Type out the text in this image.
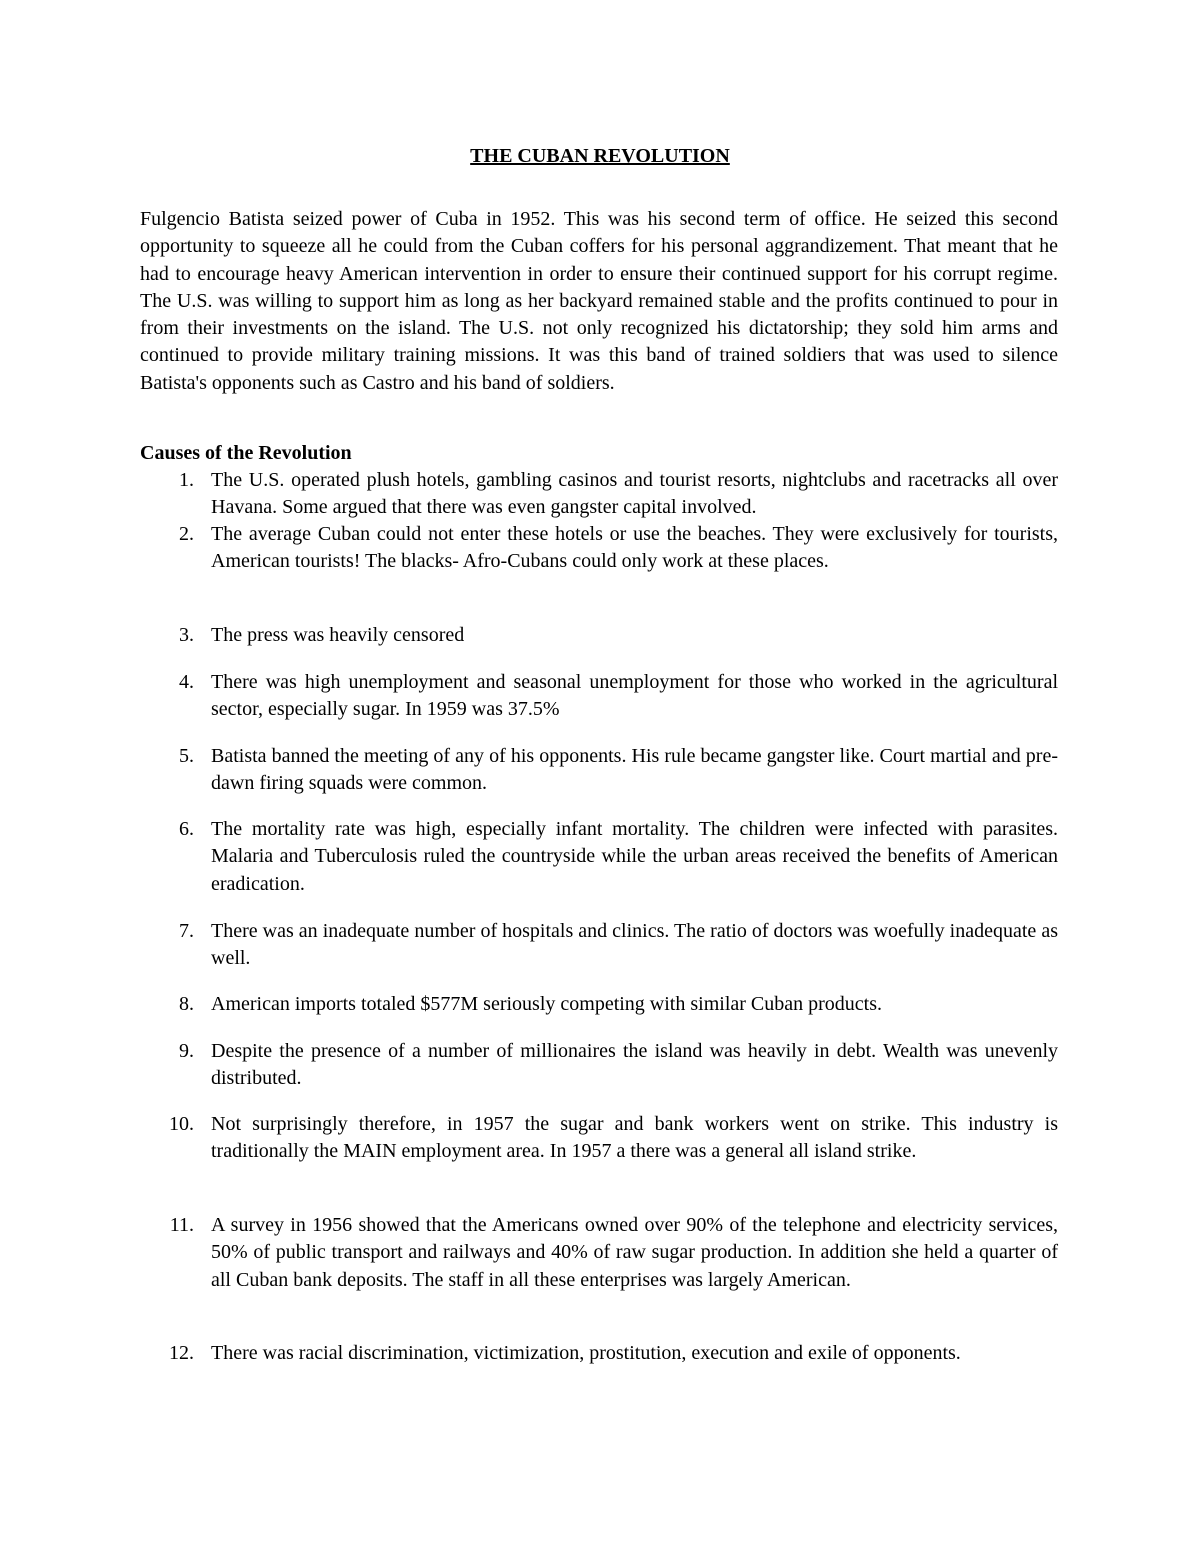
THE CUBAN REVOLUTION

Fulgencio Batista seized power of Cuba in 1952. This was his second term of office. He seized this second opportunity to squeeze all he could from the Cuban coffers for his personal aggrandizement. That meant that he had to encourage heavy American intervention in order to ensure their continued support for his corrupt regime. The U.S. was willing to support him as long as her backyard remained stable and the profits continued to pour in from their investments on the island. The U.S. not only recognized his dictatorship; they sold him arms and continued to provide military training missions. It was this band of trained soldiers that was used to silence Batista's opponents such as Castro and his band of soldiers.

Causes of the Revolution
1. The U.S. operated plush hotels, gambling casinos and tourist resorts, nightclubs and racetracks all over Havana. Some argued that there was even gangster capital involved.
2. The average Cuban could not enter these hotels or use the beaches. They were exclusively for tourists, American tourists! The blacks- Afro-Cubans could only work at these places.
3. The press was heavily censored
4. There was high unemployment and seasonal unemployment for those who worked in the agricultural sector, especially sugar. In 1959 was 37.5%
5. Batista banned the meeting of any of his opponents. His rule became gangster like. Court martial and pre-dawn firing squads were common.
6. The mortality rate was high, especially infant mortality. The children were infected with parasites. Malaria and Tuberculosis ruled the countryside while the urban areas received the benefits of American eradication.
7. There was an inadequate number of hospitals and clinics. The ratio of doctors was woefully inadequate as well.
8. American imports totaled $577M seriously competing with similar Cuban products.
9. Despite the presence of a number of millionaires the island was heavily in debt. Wealth was unevenly distributed.
10. Not surprisingly therefore, in 1957 the sugar and bank workers went on strike. This industry is traditionally the MAIN employment area. In 1957 a there was a general all island strike.
11. A survey in 1956 showed that the Americans owned over 90% of the telephone and electricity services, 50% of public transport and railways and 40% of raw sugar production. In addition she held a quarter of all Cuban bank deposits. The staff in all these enterprises was largely American.
12. There was racial discrimination, victimization, prostitution, execution and exile of opponents.
